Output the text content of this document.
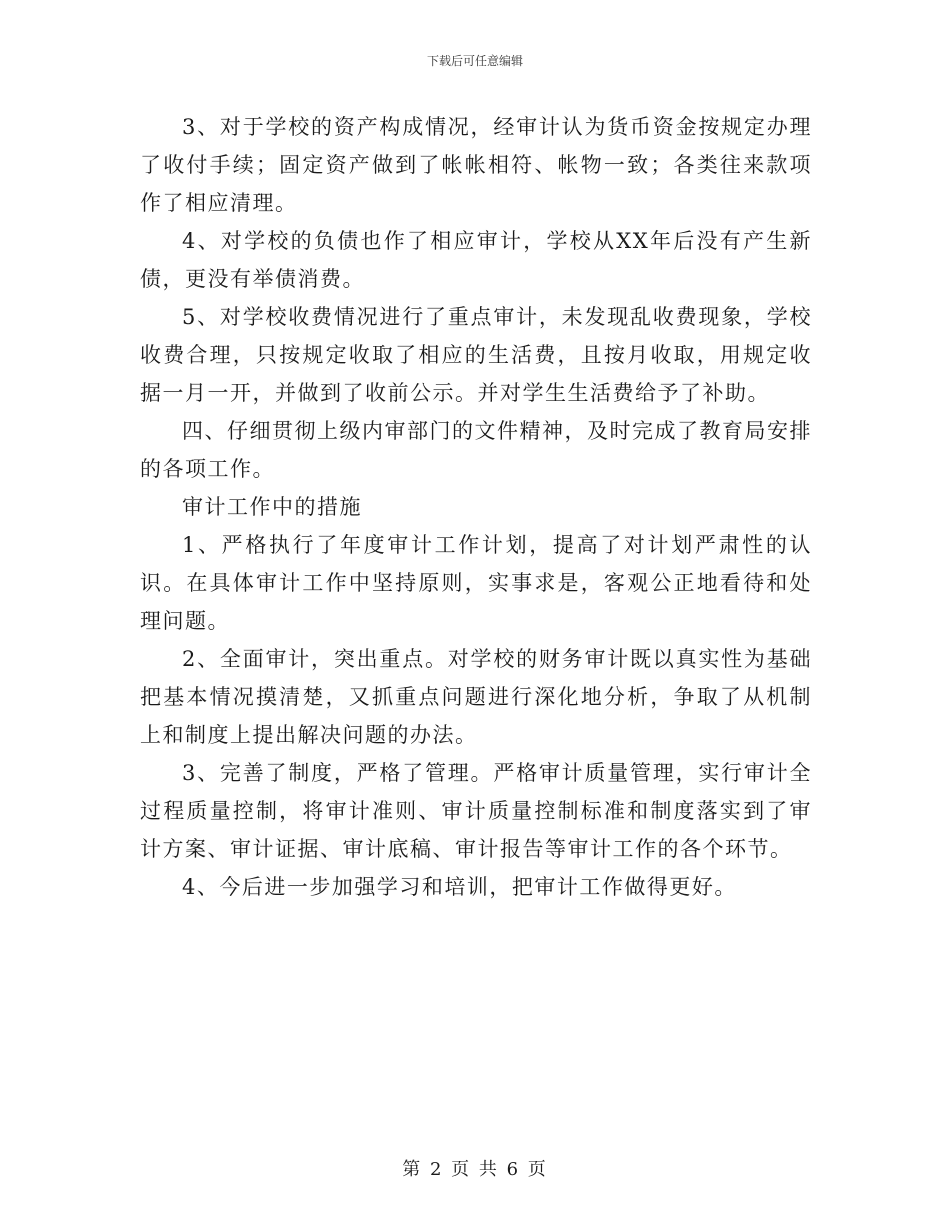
下载后可任意编辑

3、对于学校的资产构成情况，经审计认为货币资金按规定办理了收付手续；固定资产做到了帐帐相符、帐物一致；各类往来款项作了相应清理。

4、对学校的负债也作了相应审计，学校从XX年后没有产生新债，更没有举债消费。

5、对学校收费情况进行了重点审计，未发现乱收费现象，学校收费合理，只按规定收取了相应的生活费，且按月收取，用规定收据一月一开，并做到了收前公示。并对学生生活费给予了补助。

四、仔细贯彻上级内审部门的文件精神，及时完成了教育局安排的各项工作。

审计工作中的措施

1、严格执行了年度审计工作计划，提高了对计划严肃性的认识。在具体审计工作中坚持原则，实事求是，客观公正地看待和处理问题。

2、全面审计，突出重点。对学校的财务审计既以真实性为基础把基本情况摸清楚，又抓重点问题进行深化地分析，争取了从机制上和制度上提出解决问题的办法。

3、完善了制度，严格了管理。严格审计质量管理，实行审计全过程质量控制，将审计准则、审计质量控制标准和制度落实到了审计方案、审计证据、审计底稿、审计报告等审计工作的各个环节。

4、今后进一步加强学习和培训，把审计工作做得更好。

第 2 页 共 6 页
